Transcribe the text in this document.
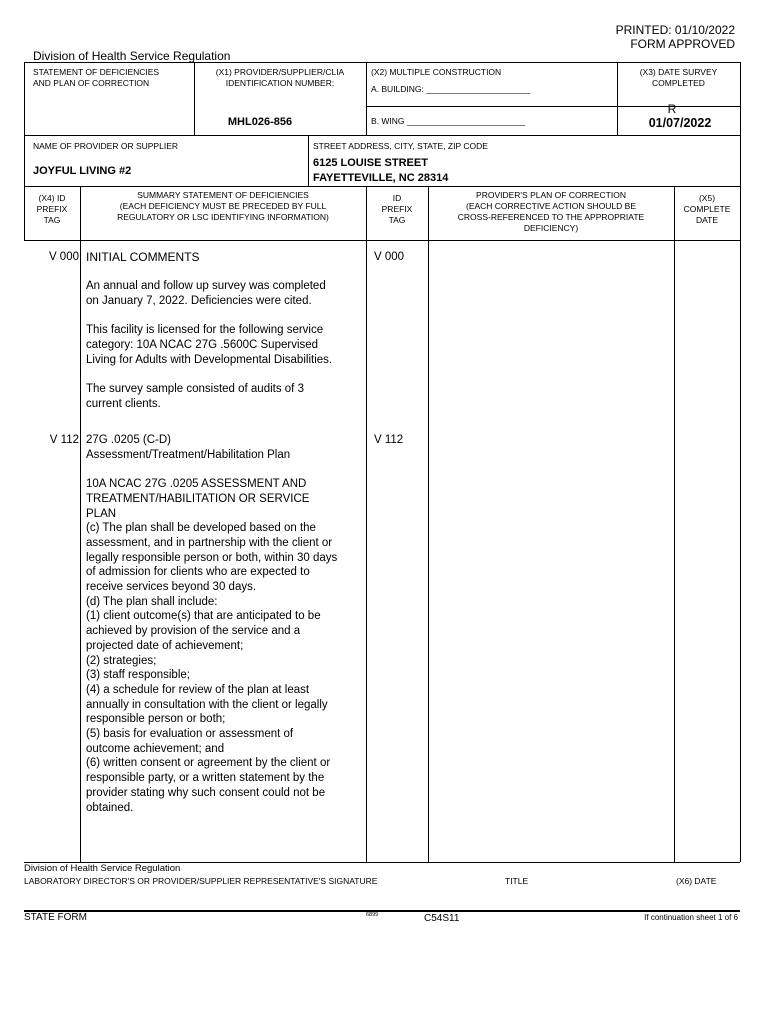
PRINTED: 01/10/2022
FORM APPROVED
Division of Health Service Regulation
STATEMENT OF DEFICIENCIES
AND PLAN OF CORRECTION
(X1) PROVIDER/SUPPLIER/CLIA
IDENTIFICATION NUMBER:
MHL026-856
(X2) MULTIPLE CONSTRUCTION
A. BUILDING: ______________________
B. WING _________________________
(X3) DATE SURVEY
COMPLETED
R
01/07/2022
NAME OF PROVIDER OR SUPPLIER
JOYFUL LIVING #2
STREET ADDRESS, CITY, STATE, ZIP CODE
6125 LOUISE STREET
FAYETTEVILLE, NC 28314
(X4) ID
PREFIX
TAG
SUMMARY STATEMENT OF DEFICIENCIES
(EACH DEFICIENCY MUST BE PRECEDED BY FULL
REGULATORY OR LSC IDENTIFYING INFORMATION)
ID
PREFIX
TAG
PROVIDER'S PLAN OF CORRECTION
(EACH CORRECTIVE ACTION SHOULD BE
CROSS-REFERENCED TO THE APPROPRIATE
DEFICIENCY)
(X5)
COMPLETE
DATE
V 000	V 000
INITIAL COMMENTS
An annual and follow up survey was completed
on January 7, 2022. Deficiencies were cited.
This facility is licensed for the following service
category: 10A NCAC 27G .5600C Supervised
Living for Adults with Developmental Disabilities.
The survey sample consisted of audits of 3
current clients.
V 112	V 112
27G .0205 (C-D)
Assessment/Treatment/Habilitation Plan
10A NCAC 27G .0205 ASSESSMENT AND
TREATMENT/HABILITATION OR SERVICE
PLAN
(c) The plan shall be developed based on the
assessment, and in partnership with the client or
legally responsible person or both, within 30 days
of admission for clients who are expected to
receive services beyond 30 days.
(d) The plan shall include:
(1) client outcome(s) that are anticipated to be
achieved by provision of the service and a
projected date of achievement;
(2) strategies;
(3) staff responsible;
(4) a schedule for review of the plan at least
annually in consultation with the client or legally
responsible person or both;
(5) basis for evaluation or assessment of
outcome achievement; and
(6) written consent or agreement by the client or
responsible party, or a written statement by the
provider stating why such consent could not be
obtained.
Division of Health Service Regulation
LABORATORY DIRECTOR'S OR PROVIDER/SUPPLIER REPRESENTATIVE'S SIGNATURE	TITLE	(X6) DATE
STATE FORM	6899	C54S11	If continuation sheet 1 of 6
